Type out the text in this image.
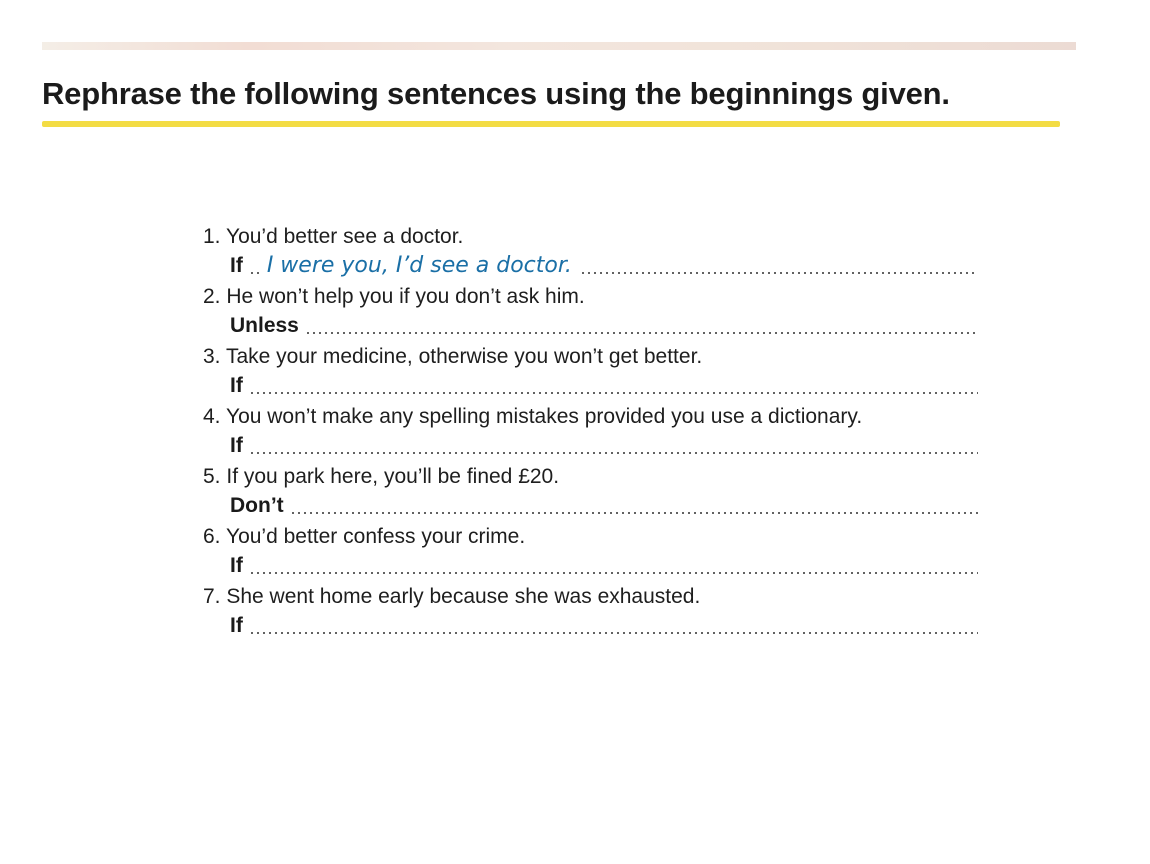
Rephrase the following sentences using the beginnings given.
1. You’d better see a doctor.
If I were you, I’d see a doctor.
2. He won’t help you if you don’t ask him.
Unless
3. Take your medicine, otherwise you won’t get better.
If
4. You won’t make any spelling mistakes provided you use a dictionary.
If
5. If you park here, you’ll be fined £20.
Don’t
6. You’d better confess your crime.
If
7. She went home early because she was exhausted.
If
